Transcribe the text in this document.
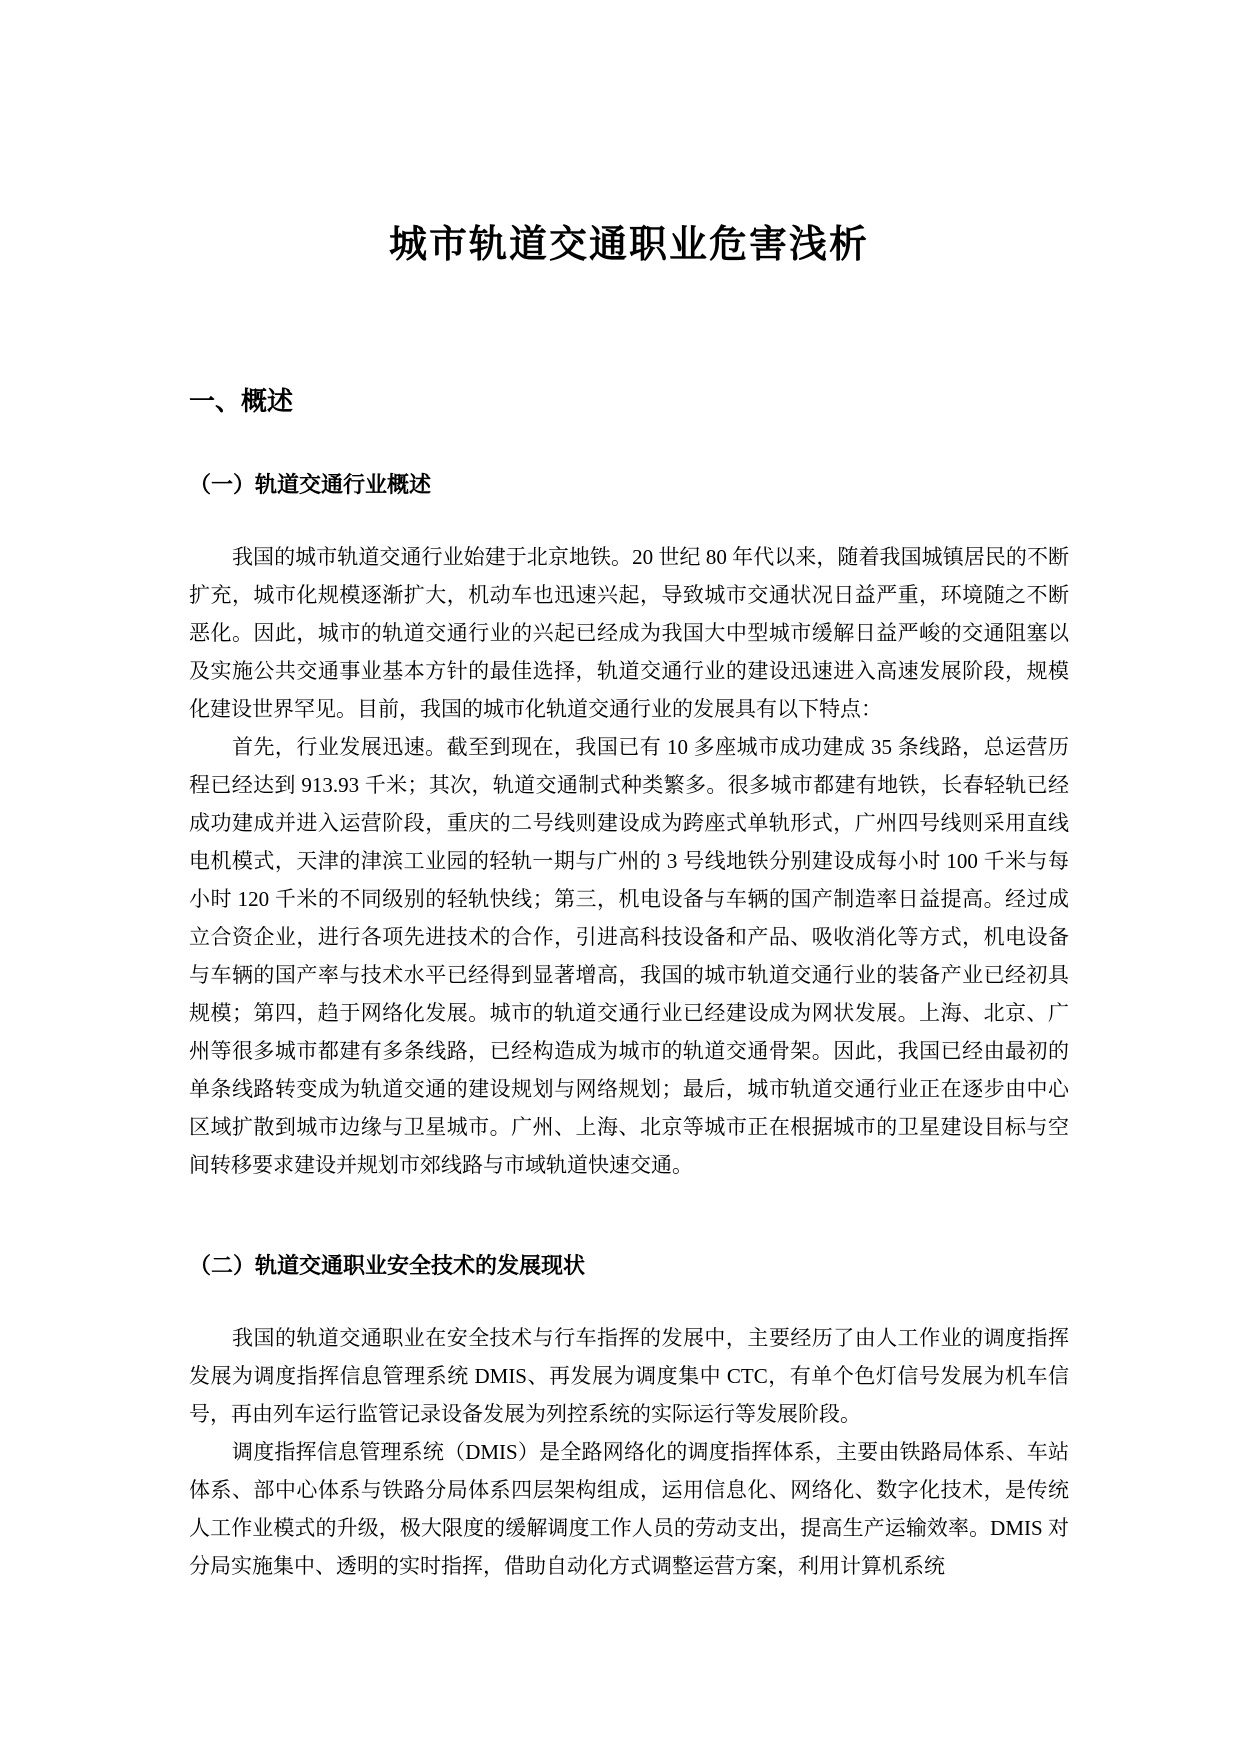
城市轨道交通职业危害浅析
一、概述
（一）轨道交通行业概述

我国的城市轨道交通行业始建于北京地铁。20 世纪 80 年代以来，随着我国城镇居民的不断扩充，城市化规模逐渐扩大，机动车也迅速兴起，导致城市交通状况日益严重，环境随之不断恶化。因此，城市的轨道交通行业的兴起已经成为我国大中型城市缓解日益严峻的交通阻塞以及实施公共交通事业基本方针的最佳选择，轨道交通行业的建设迅速进入高速发展阶段，规模化建设世界罕见。目前，我国的城市化轨道交通行业的发展具有以下特点：

首先，行业发展迅速。截至到现在，我国已有 10 多座城市成功建成 35 条线路，总运营历程已经达到 913.93 千米；其次，轨道交通制式种类繁多。很多城市都建有地铁，长春轻轨已经成功建成并进入运营阶段，重庆的二号线则建设成为跨座式单轨形式，广州四号线则采用直线电机模式，天津的津滨工业园的轻轨一期与广州的 3 号线地铁分别建设成每小时 100 千米与每小时 120 千米的不同级别的轻轨快线；第三，机电设备与车辆的国产制造率日益提高。经过成立合资企业，进行各项先进技术的合作，引进高科技设备和产品、吸收消化等方式，机电设备与车辆的国产率与技术水平已经得到显著增高，我国的城市轨道交通行业的装备产业已经初具规模；第四，趋于网络化发展。城市的轨道交通行业已经建设成为网状发展。上海、北京、广州等很多城市都建有多条线路，已经构造成为城市的轨道交通骨架。因此，我国已经由最初的单条线路转变成为轨道交通的建设规划与网络规划；最后，城市轨道交通行业正在逐步由中心区域扩散到城市边缘与卫星城市。广州、上海、北京等城市正在根据城市的卫星建设目标与空间转移要求建设并规划市郊线路与市域轨道快速交通。

（二）轨道交通职业安全技术的发展现状

我国的轨道交通职业在安全技术与行车指挥的发展中，主要经历了由人工作业的调度指挥发展为调度指挥信息管理系统 DMIS、再发展为调度集中 CTC，有单个色灯信号发展为机车信号，再由列车运行监管记录设备发展为列控系统的实际运行等发展阶段。

调度指挥信息管理系统（DMIS）是全路网络化的调度指挥体系，主要由铁路局体系、车站体系、部中心体系与铁路分局体系四层架构组成，运用信息化、网络化、数字化技术，是传统人工作业模式的升级，极大限度的缓解调度工作人员的劳动支出，提高生产运输效率。DMIS 对分局实施集中、透明的实时指挥，借助自动化方式调整运营方案，利用计算机系统
